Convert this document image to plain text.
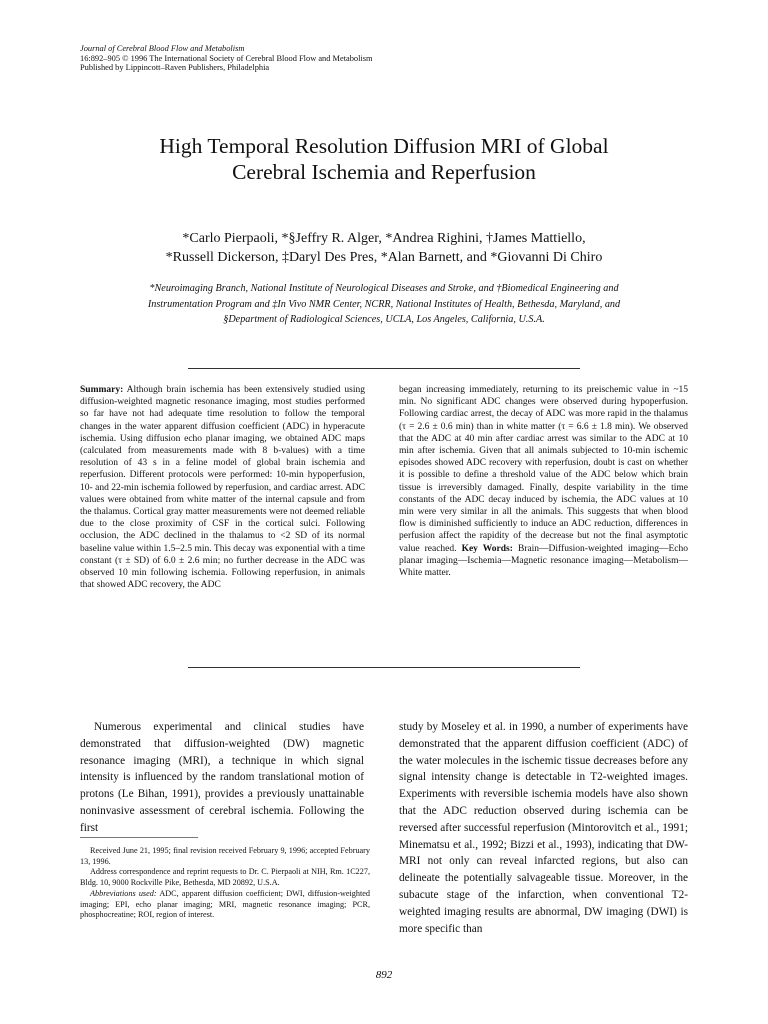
Journal of Cerebral Blood Flow and Metabolism
16:892–905 © 1996 The International Society of Cerebral Blood Flow and Metabolism
Published by Lippincott–Raven Publishers, Philadelphia
High Temporal Resolution Diffusion MRI of Global
Cerebral Ischemia and Reperfusion
*Carlo Pierpaoli, *§Jeffry R. Alger, *Andrea Righini, †James Mattiello,
*Russell Dickerson, ‡Daryl Des Pres, *Alan Barnett, and *Giovanni Di Chiro
*Neuroimaging Branch, National Institute of Neurological Diseases and Stroke, and †Biomedical Engineering and
Instrumentation Program and ‡In Vivo NMR Center, NCRR, National Institutes of Health, Bethesda, Maryland, and
§Department of Radiological Sciences, UCLA, Los Angeles, California, U.S.A.
Summary: Although brain ischemia has been extensively studied using diffusion-weighted magnetic resonance imaging, most studies performed so far have not had adequate time resolution to follow the temporal changes in the water apparent diffusion coefficient (ADC) in hyperacute ischemia. Using diffusion echo planar imaging, we obtained ADC maps (calculated from measurements made with 8 b-values) with a time resolution of 43 s in a feline model of global brain ischemia and reperfusion. Different protocols were performed: 10-min hypoperfusion, 10- and 22-min ischemia followed by reperfusion, and cardiac arrest. ADC values were obtained from white matter of the internal capsule and from the thalamus. Cortical gray matter measurements were not deemed reliable due to the close proximity of CSF in the cortical sulci. Following occlusion, the ADC declined in the thalamus to <2 SD of its normal baseline value within 1.5–2.5 min. This decay was exponential with a time constant (τ ± SD) of 6.0 ± 2.6 min; no further decrease in the ADC was observed 10 min following ischemia. Following reperfusion, in animals that showed ADC recovery, the ADC
began increasing immediately, returning to its preischemic value in ~15 min. No significant ADC changes were observed during hypoperfusion. Following cardiac arrest, the decay of ADC was more rapid in the thalamus (τ = 2.6 ± 0.6 min) than in white matter (τ = 6.6 ± 1.8 min). We observed that the ADC at 40 min after cardiac arrest was similar to the ADC at 10 min after ischemia. Given that all animals subjected to 10-min ischemic episodes showed ADC recovery with reperfusion, doubt is cast on whether it is possible to define a threshold value of the ADC below which brain tissue is irreversibly damaged. Finally, despite variability in the time constants of the ADC decay induced by ischemia, the ADC values at 10 min were very similar in all the animals. This suggests that when blood flow is diminished sufficiently to induce an ADC reduction, differences in perfusion affect the rapidity of the decrease but not the final asymptotic value reached. Key Words: Brain—Diffusion-weighted imaging—Echo planar imaging—Ischemia—Magnetic resonance imaging—Metabolism—White matter.

Numerous experimental and clinical studies have demonstrated that diffusion-weighted (DW) magnetic resonance imaging (MRI), a technique in which signal intensity is influenced by the random translational motion of protons (Le Bihan, 1991), provides a previously unattainable noninvasive assessment of cerebral ischemia. Following the first

Received June 21, 1995; final revision received February 9, 1996; accepted February 13, 1996.

Address correspondence and reprint requests to Dr. C. Pierpaoli at NIH, Rm. 1C227, Bldg. 10, 9000 Rockville Pike, Bethesda, MD 20892, U.S.A.

Abbreviations used: ADC, apparent diffusion coefficient; DWI, diffusion-weighted imaging; EPI, echo planar imaging; MRI, magnetic resonance imaging; PCR, phosphocreatine; ROI, region of interest.

study by Moseley et al. in 1990, a number of experiments have demonstrated that the apparent diffusion coefficient (ADC) of the water molecules in the ischemic tissue decreases before any signal intensity change is detectable in T2-weighted images. Experiments with reversible ischemia models have also shown that the ADC reduction observed during ischemia can be reversed after successful reperfusion (Mintorovitch et al., 1991; Minematsu et al., 1992; Bizzi et al., 1993), indicating that DW-MRI not only can reveal infarcted regions, but also can delineate the potentially salvageable tissue. Moreover, in the subacute stage of the infarction, when conventional T2-weighted imaging results are abnormal, DW imaging (DWI) is more specific than

892
